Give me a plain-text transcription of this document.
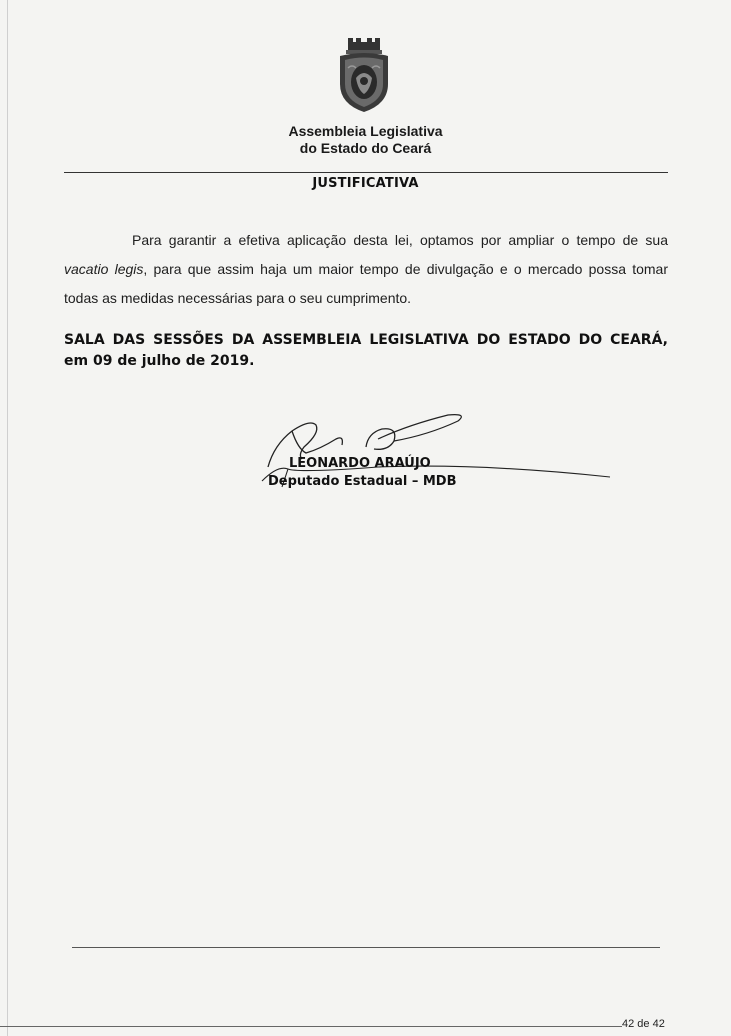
Assembleia Legislativa
do Estado do Ceará
JUSTIFICATIVA
Para garantir a efetiva aplicação desta lei, optamos por ampliar o tempo de sua vacatio legis, para que assim haja um maior tempo de divulgação e o mercado possa tomar todas as medidas necessárias para o seu cumprimento.
SALA DAS SESSÕES DA ASSEMBLEIA LEGISLATIVA DO ESTADO DO CEARÁ, em 09 de julho de 2019.
LEONARDO ARAÚJO
Deputado Estadual – MDB
42 de 42
